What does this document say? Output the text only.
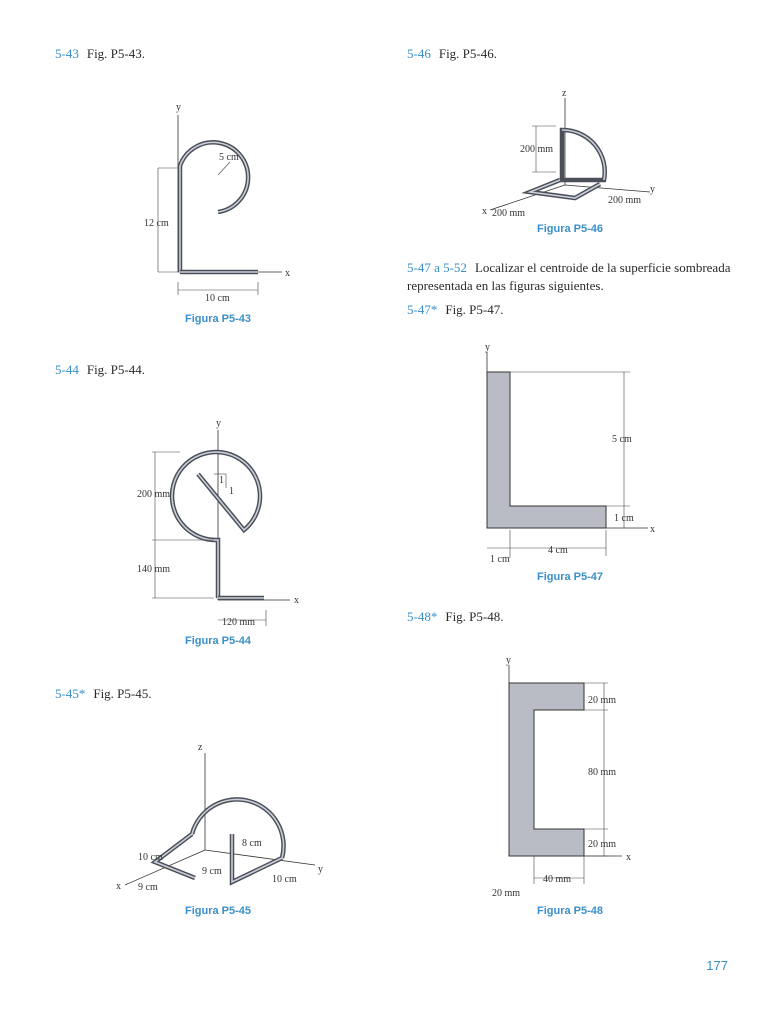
5-43 Fig. P5-43.
5-44 Fig. P5-44.
5-45* Fig. P5-45.
5-46 Fig. P5-46.
5-47* Fig. P5-47.
5-48* Fig. P5-48.
5-47 a 5-52 Localizar el centroide de la superficie sombreada representada en las figuras siguientes.
y
x
5 cm
12 cm
10 cm
Figura P5-43
y
x
200 mm
140 mm
120 mm
1
1
Figura P5-44
z
x
y
10 cm
9 cm
9 cm
8 cm
10 cm
Figura P5-45
z
x
y
200 mm
200 mm
200 mm
Figura P5-46
y
x
5 cm
1 cm
1 cm
4 cm
Figura P5-47
y
x
20 mm
80 mm
20 mm
20 mm
40 mm
Figura P5-48
177
